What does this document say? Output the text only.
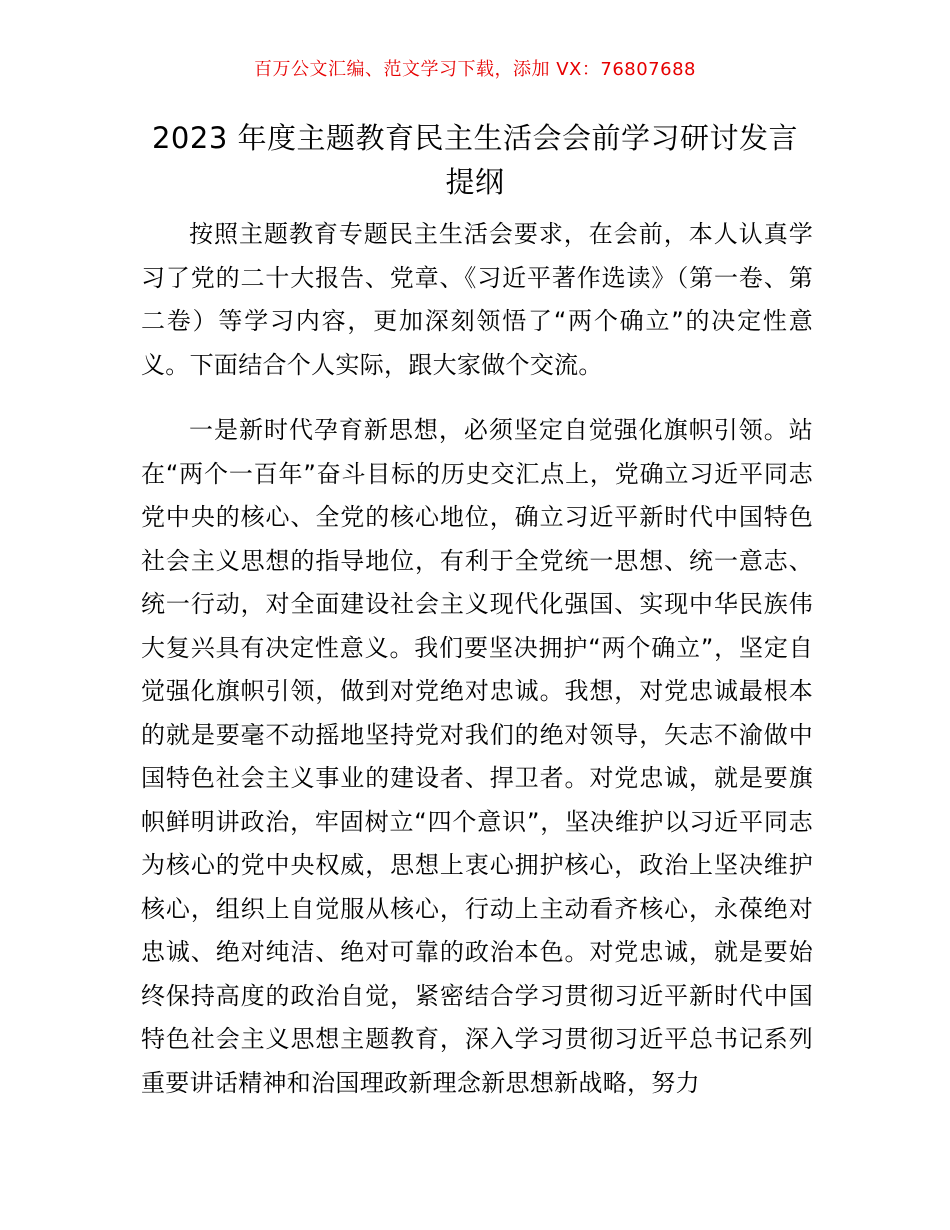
百万公文汇编、范文学习下载，添加 VX：76807688
2023 年度主题教育民主生活会会前学习研讨发言提纲

按照主题教育专题民主生活会要求，在会前，本人认真学习了党的二十大报告、党章、《习近平著作选读》（第一卷、第二卷）等学习内容，更加深刻领悟了“两个确立”的决定性意义。下面结合个人实际，跟大家做个交流。

一是新时代孕育新思想，必须坚定自觉强化旗帜引领。站在“两个一百年”奋斗目标的历史交汇点上，党确立习近平同志党中央的核心、全党的核心地位，确立习近平新时代中国特色社会主义思想的指导地位，有利于全党统一思想、统一意志、统一行动，对全面建设社会主义现代化强国、实现中华民族伟大复兴具有决定性意义。我们要坚决拥护“两个确立”，坚定自觉强化旗帜引领，做到对党绝对忠诚。我想，对党忠诚最根本的就是要毫不动摇地坚持党对我们的绝对领导，矢志不渝做中国特色社会主义事业的建设者、捍卫者。对党忠诚，就是要旗帜鲜明讲政治，牢固树立“四个意识”，坚决维护以习近平同志为核心的党中央权威，思想上衷心拥护核心，政治上坚决维护核心，组织上自觉服从核心，行动上主动看齐核心，永葆绝对忠诚、绝对纯洁、绝对可靠的政治本色。对党忠诚，就是要始终保持高度的政治自觉，紧密结合学习贯彻习近平新时代中国特色社会主义思想主题教育，深入学习贯彻习近平总书记系列重要讲话精神和治国理政新理念新思想新战略，努力
